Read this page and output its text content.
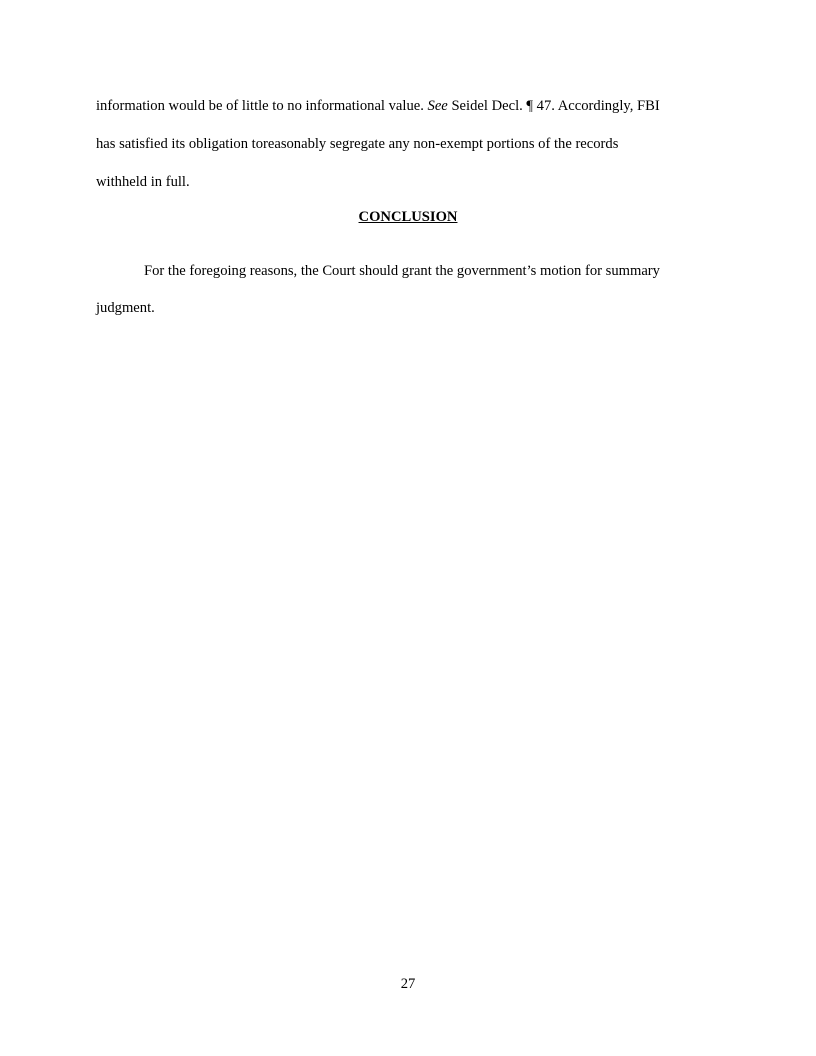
information would be of little to no informational value. See Seidel Decl. ¶ 47. Accordingly, FBI
has satisfied its obligation toreasonably segregate any non-exempt portions of the records
withheld in full.
CONCLUSION
For the foregoing reasons, the Court should grant the government’s motion for summary
judgment.
27
